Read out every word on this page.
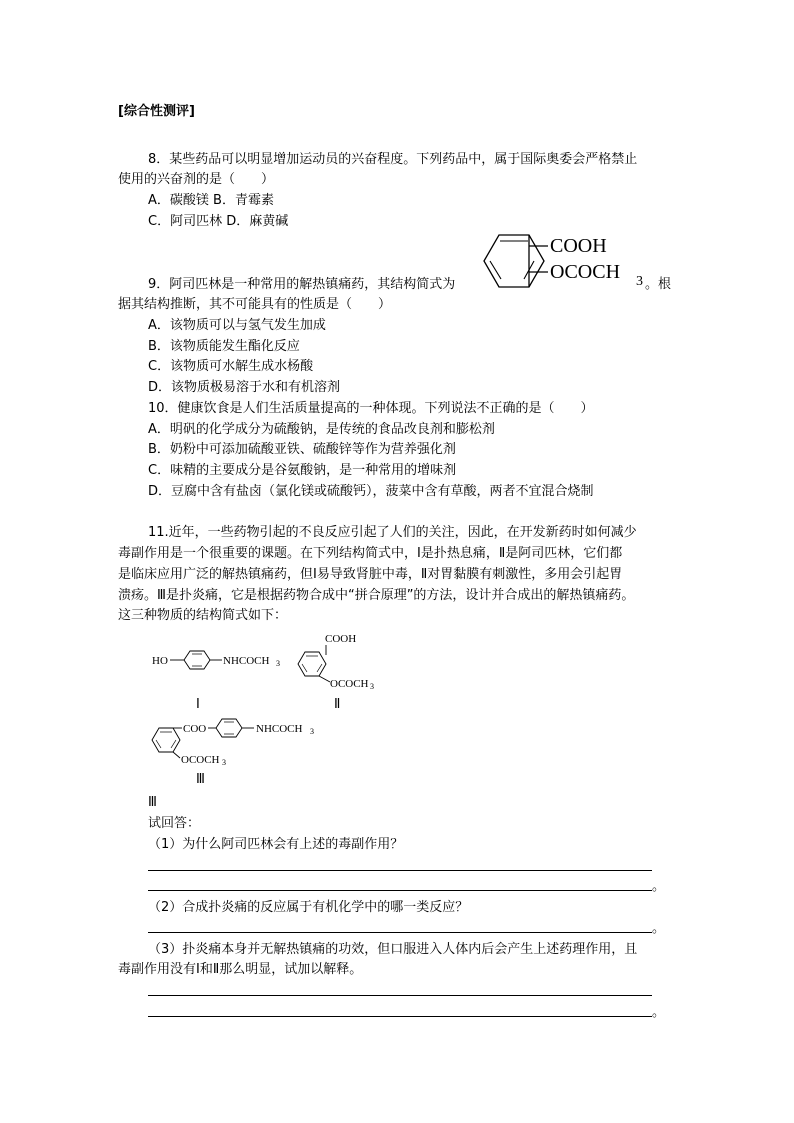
[综合性测评]
8．某些药品可以明显增加运动员的兴奋程度。下列药品中，属于国际奥委会严格禁止
使用的兴奋剂的是（　　）
A．碳酸镁 B．青霉素
C．阿司匹林 D．麻黄碱
COOH
OCOCH 3
9．阿司匹林是一种常用的解热镇痛药，其结构简式为	。根
据其结构推断，其不可能具有的性质是（　　）
A．该物质可以与氢气发生加成
B．该物质能发生酯化反应
C．该物质可水解生成水杨酸
D．该物质极易溶于水和有机溶剂
10．健康饮食是人们生活质量提高的一种体现。下列说法不正确的是（　　）
A．明矾的化学成分为硫酸钠，是传统的食品改良剂和膨松剂
B．奶粉中可添加硫酸亚铁、硫酸锌等作为营养强化剂
C．味精的主要成分是谷氨酸钠，是一种常用的增味剂
D．豆腐中含有盐卤（氯化镁或硫酸钙），菠菜中含有草酸，两者不宜混合烧制
11.近年，一些药物引起的不良反应引起了人们的关注，因此，在开发新药时如何减少
毒副作用是一个很重要的课题。在下列结构简式中，Ⅰ是扑热息痛，Ⅱ是阿司匹林，它们都
是临床应用广泛的解热镇痛药，但Ⅰ易导致肾脏中毒，Ⅱ对胃黏膜有刺激性，多用会引起胃
溃疡。Ⅲ是扑炎痛，它是根据药物合成中“拼合原理”的方法，设计并合成出的解热镇痛药。
这三种物质的结构简式如下：
HO	NHCOCH 3
COOH
OCOCH 3
Ⅰ	Ⅱ
COO	NHCOCH 3
OCOCH 3
Ⅲ
Ⅲ
试回答：
（1）为什么阿司匹林会有上述的毒副作用？
。
（2）合成扑炎痛的反应属于有机化学中的哪一类反应？
。
（3）扑炎痛本身并无解热镇痛的功效，但口服进入人体内后会产生上述药理作用，且
毒副作用没有Ⅰ和Ⅱ那么明显，试加以解释。
。
